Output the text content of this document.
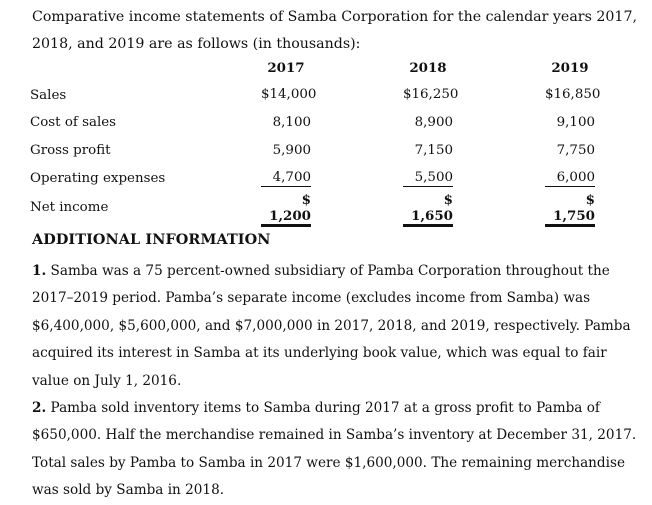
Comparative income statements of Samba Corporation for the calendar years 2017, 2018, and 2019 are as follows (in thousands):

	2017	2018	2019
Sales	$14,000	$16,250	$16,850

Cost of sales	8,100	8,900	9,100

Gross profit	5,900	7,150	7,750

Operating expenses	4,700	5,500	6,000

Net income	$ 1,200	$ 1,650	$ 1,750
ADDITIONAL INFORMATION

1. Samba was a 75 percent-owned subsidiary of Pamba Corporation throughout the 2017–2019 period. Pamba’s separate income (excludes income from Samba) was $6,400,000, $5,600,000, and $7,000,000 in 2017, 2018, and 2019, respectively. Pamba acquired its interest in Samba at its underlying book value, which was equal to fair value on July 1, 2016.
2. Pamba sold inventory items to Samba during 2017 at a gross profit to Pamba of $650,000. Half the merchandise remained in Samba’s inventory at December 31, 2017. Total sales by Pamba to Samba in 2017 were $1,600,000. The remaining merchandise was sold by Samba in 2018.
